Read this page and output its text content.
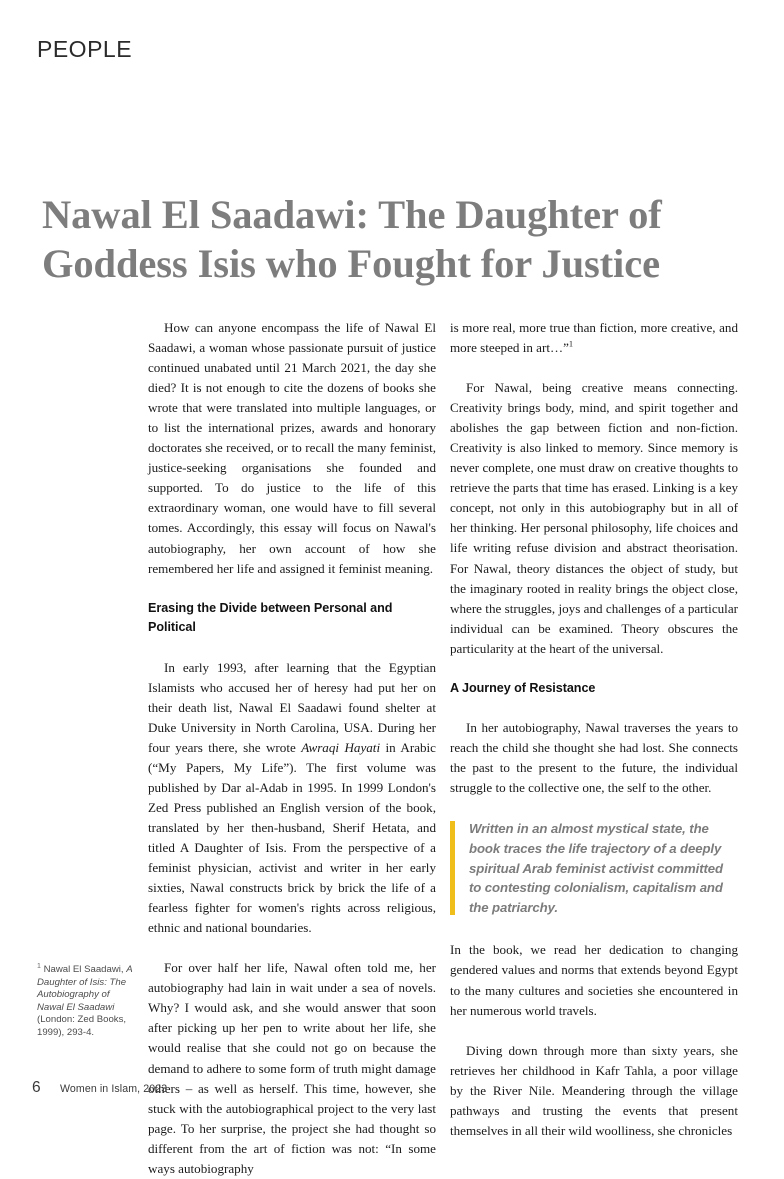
PEOPLE
Nawal El Saadawi: The Daughter of
Goddess Isis who Fought for Justice

How can anyone encompass the life of Nawal El Saadawi, a woman whose passionate pursuit of justice continued unabated until 21 March 2021, the day she died? It is not enough to cite the dozens of books she wrote that were translated into multiple languages, or to list the international prizes, awards and honorary doctorates she received, or to recall the many feminist, justice-seeking organisations she founded and supported. To do justice to the life of this extraordinary woman, one would have to fill several tomes. Accordingly, this essay will focus on Nawal's autobiography, her own account of how she remembered her life and assigned it feminist meaning.

Erasing the Divide between Personal and Political

In early 1993, after learning that the Egyptian Islamists who accused her of heresy had put her on their death list, Nawal El Saadawi found shelter at Duke University in North Carolina, USA. During her four years there, she wrote Awraqi Hayati in Arabic (“My Papers, My Life”). The first volume was published by Dar al-Adab in 1995. In 1999 London's Zed Press published an English version of the book, translated by her then-husband, Sherif Hetata, and titled A Daughter of Isis. From the perspective of a feminist physician, activist and writer in her early sixties, Nawal constructs brick by brick the life of a fearless fighter for women's rights across religious, ethnic and national boundaries.

For over half her life, Nawal often told me, her autobiography had lain in wait under a sea of novels. Why? I would ask, and she would answer that soon after picking up her pen to write about her life, she would realise that she could not go on because the demand to adhere to some form of truth might damage others – as well as herself. This time, however, she stuck with the autobiographical project to the very last page. To her surprise, the project she had thought so different from the art of fiction was not: “In some ways autobiography

is more real, more true than fiction, more creative, and more steeped in art…”$^1$

For Nawal, being creative means connecting. Creativity brings body, mind, and spirit together and abolishes the gap between fiction and non-fiction. Creativity is also linked to memory. Since memory is never complete, one must draw on creative thoughts to retrieve the parts that time has erased. Linking is a key concept, not only in this autobiography but in all of her thinking. Her personal philosophy, life choices and life writing refuse division and abstract theorisation. For Nawal, theory distances the object of study, but the imaginary rooted in reality brings the object close, where the struggles, joys and challenges of a particular individual can be examined. Theory obscures the particularity at the heart of the universal.

A Journey of Resistance

In her autobiography, Nawal traverses the years to reach the child she thought she had lost. She connects the past to the present to the future, the individual struggle to the collective one, the self to the other.

Written in an almost mystical state, the book traces the life trajectory of a deeply spiritual Arab feminist activist committed to contesting colonialism, capitalism and the patriarchy.

In the book, we read her dedication to changing gendered values and norms that extends beyond Egypt to the many cultures and societies she encountered in her numerous world travels.

Diving down through more than sixty years, she retrieves her childhood in Kafr Tahla, a poor village by the River Nile. Meandering through the village pathways and trusting the events that present themselves in all their wild woolliness, she chronicles

$^1$ Nawal El Saadawi, A Daughter of Isis: The Autobiography of Nawal El Saadawi (London: Zed Books, 1999), 293-4.
6	Women in Islam, 2023
